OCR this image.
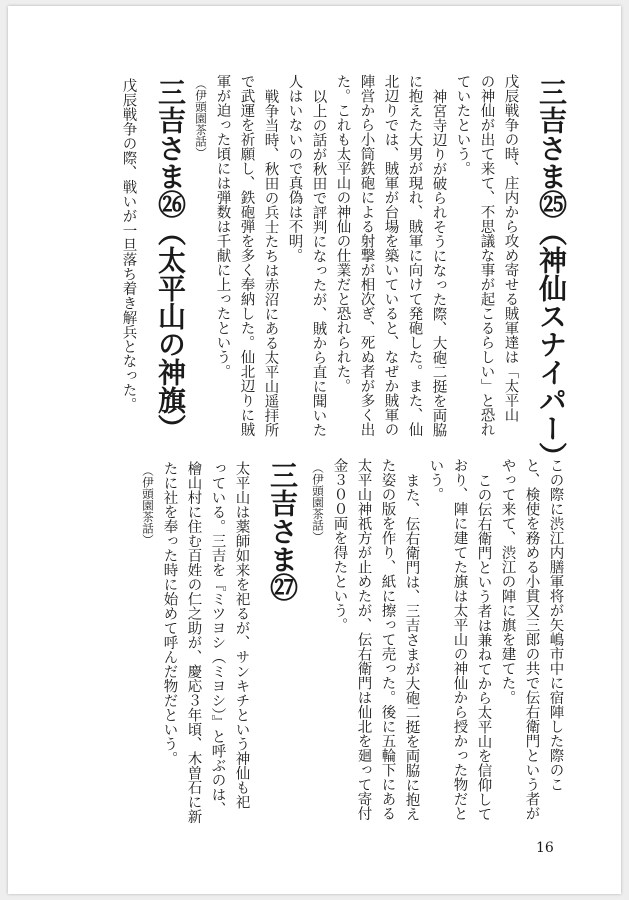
三吉さま㉕（神仙スナイパー）

戊辰戦争の時、庄内から攻め寄せる賊軍達は「太平山

の神仙が出て来て、不思議な事が起こるらしい」と恐れ

ていたという。

神宮寺辺りが破られそうになった際、大砲二挺を両脇

に抱えた大男が現れ、賊軍に向けて発砲した。また、仙

北辺りでは、賊軍が台場を築いていると、なぜか賊軍の

陣営から小筒鉄砲による射撃が相次ぎ、死ぬ者が多く出

た。これも太平山の神仙の仕業だと恐れられた。

以上の話が秋田で評判になったが、賊から直に聞いた

人はいないので真偽は不明。

戦争当時、秋田の兵士たちは赤沼にある太平山遥拝所

で武運を祈願し、鉄砲弾を多く奉納した。仙北辺りに賊

軍が迫った頃には弾数は千献に上ったという。

（伊頭園茶話）

三吉さま㉖（太平山の神旗）

戊辰戦争の際、戦いが一旦落ち着き解兵となった。

この際に渋江内膳軍将が矢嶋市中に宿陣した際のこ

と、検使を務める小貫又三郎の共で伝右衛門という者が

やって来て、渋江の陣に旗を建てた。

この伝右衛門という者は兼ねてから太平山を信仰して

おり、陣に建てた旗は太平山の神仙から授かった物だと

いう。

また、伝右衛門は、三吉さまが大砲二挺を両脇に抱え

た姿の版を作り、紙に擦って売った。後に五輪下にある

太平山神祇方が止めたが、伝右衛門は仙北を廻って寄付

金３００両を得たという。

（伊頭園茶話）

三吉さま㉗

太平山は薬師如来を祀るが、サンキチという神仙も祀

っている。三吉を『ミツヨシ（ミヨシ）』と呼ぶのは、

檜山村に住む百姓の仁之助が、慶応３年頃、木曽石に新

たに社を奉った時に始めて呼んだ物だという。

（伊頭園茶話）

16
